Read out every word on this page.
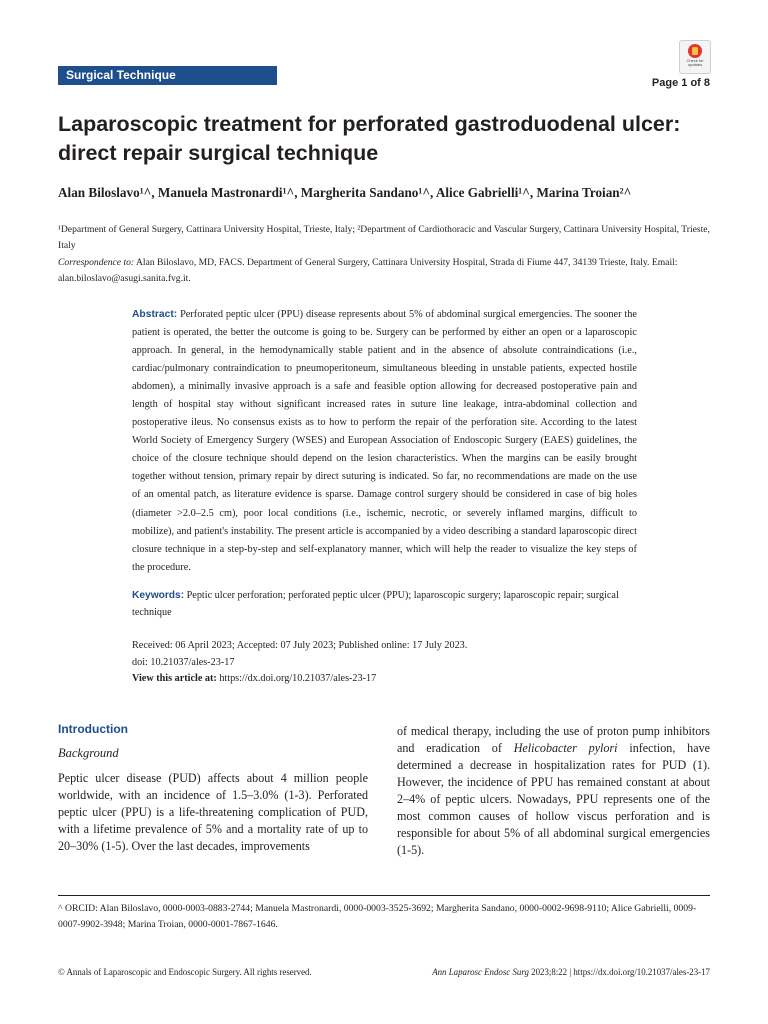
Surgical Technique
Check for updates
Page 1 of 8
Laparoscopic treatment for perforated gastroduodenal ulcer: direct repair surgical technique
Alan Biloslavo¹^, Manuela Mastronardi¹^, Margherita Sandano¹^, Alice Gabrielli¹^, Marina Troian²^
¹Department of General Surgery, Cattinara University Hospital, Trieste, Italy; ²Department of Cardiothoracic and Vascular Surgery, Cattinara University Hospital, Trieste, Italy
Correspondence to: Alan Biloslavo, MD, FACS. Department of General Surgery, Cattinara University Hospital, Strada di Fiume 447, 34139 Trieste, Italy. Email: alan.biloslavo@asugi.sanita.fvg.it.
Abstract: Perforated peptic ulcer (PPU) disease represents about 5% of abdominal surgical emergencies. The sooner the patient is operated, the better the outcome is going to be. Surgery can be performed by either an open or a laparoscopic approach. In general, in the hemodynamically stable patient and in the absence of absolute contraindications (i.e., cardiac/pulmonary contraindication to pneumoperitoneum, simultaneous bleeding in unstable patients, expected hostile abdomen), a minimally invasive approach is a safe and feasible option allowing for decreased postoperative pain and length of hospital stay without significant increased rates in suture line leakage, intra-abdominal collection and postoperative ileus. No consensus exists as to how to perform the repair of the perforation site. According to the latest World Society of Emergency Surgery (WSES) and European Association of Endoscopic Surgery (EAES) guidelines, the choice of the closure technique should depend on the lesion characteristics. When the margins can be easily brought together without tension, primary repair by direct suturing is indicated. So far, no recommendations are made on the use of an omental patch, as literature evidence is sparse. Damage control surgery should be considered in case of big holes (diameter >2.0–2.5 cm), poor local conditions (i.e., ischemic, necrotic, or severely inflamed margins, difficult to mobilize), and patient's instability. The present article is accompanied by a video describing a standard laparoscopic direct closure technique in a step-by-step and self-explanatory manner, which will help the reader to visualize the key steps of the procedure.
Keywords: Peptic ulcer perforation; perforated peptic ulcer (PPU); laparoscopic surgery; laparoscopic repair; surgical technique
Received: 06 April 2023; Accepted: 07 July 2023; Published online: 17 July 2023.
doi: 10.21037/ales-23-17
View this article at: https://dx.doi.org/10.21037/ales-23-17
Introduction
Background
Peptic ulcer disease (PUD) affects about 4 million people worldwide, with an incidence of 1.5–3.0% (1-3). Perforated peptic ulcer (PPU) is a life-threatening complication of PUD, with a lifetime prevalence of 5% and a mortality rate of up to 20–30% (1-5). Over the last decades, improvements
of medical therapy, including the use of proton pump inhibitors and eradication of Helicobacter pylori infection, have determined a decrease in hospitalization rates for PUD (1). However, the incidence of PPU has remained constant at about 2–4% of peptic ulcers. Nowadays, PPU represents one of the most common causes of hollow viscus perforation and is responsible for about 5% of all abdominal surgical emergencies (1-5).
^ ORCID: Alan Biloslavo, 0000-0003-0883-2744; Manuela Mastronardi, 0000-0003-3525-3692; Margherita Sandano, 0000-0002-9698-9110; Alice Gabrielli, 0009-0007-9902-3948; Marina Troian, 0000-0001-7867-1646.
© Annals of Laparoscopic and Endoscopic Surgery. All rights reserved.	Ann Laparosc Endosc Surg 2023;8:22 | https://dx.doi.org/10.21037/ales-23-17
